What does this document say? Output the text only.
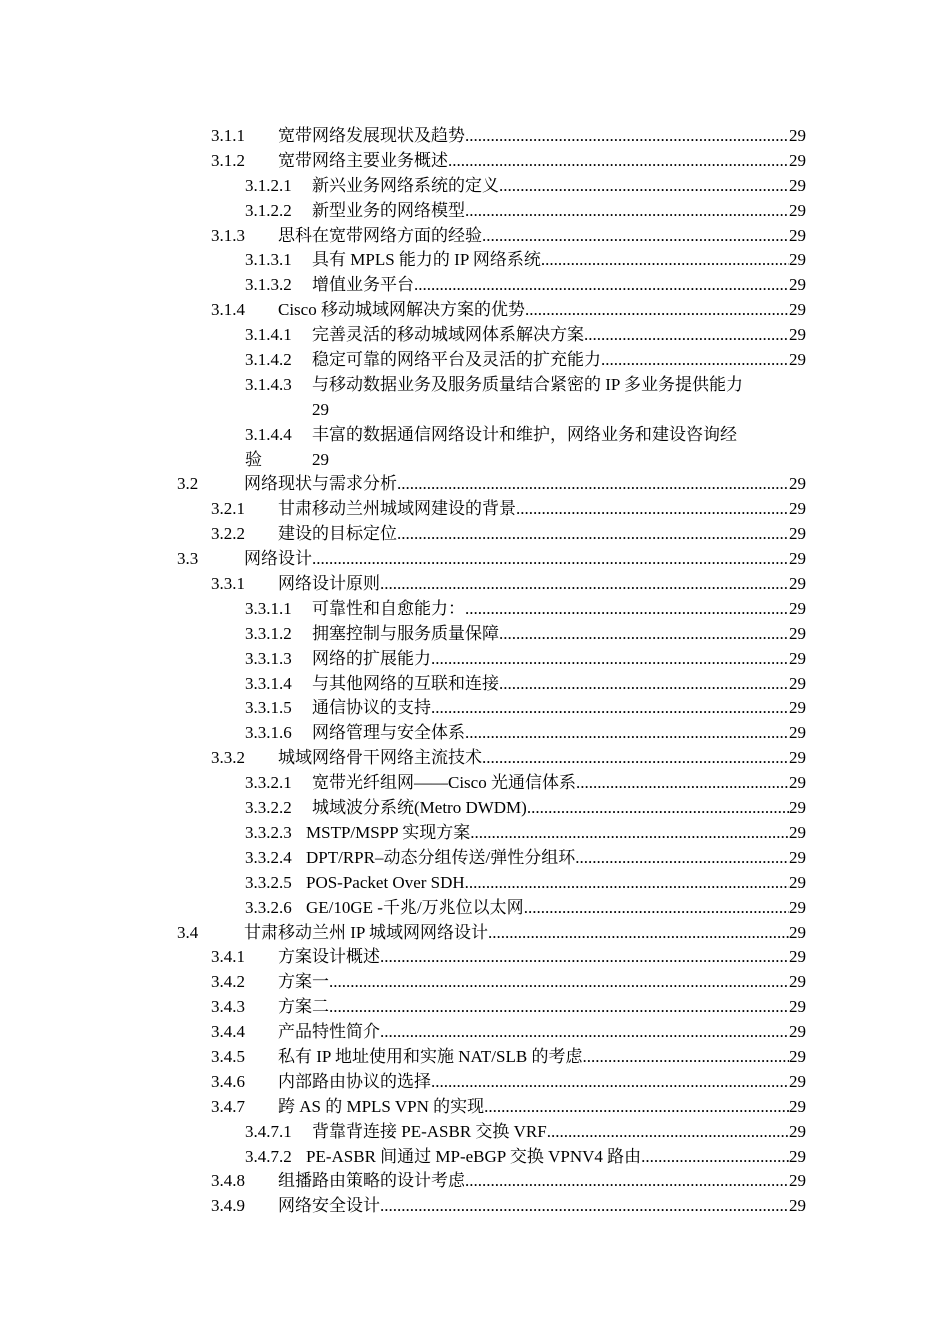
3.1.1 宽带网络发展现状及趋势 .....	29
3.1.2 宽带网络主要业务概述 .....	29
3.1.2.1 新兴业务网络系统的定义 .....	29
3.1.2.2 新型业务的网络模型 .....	29
3.1.3 思科在宽带网络方面的经验 .....	29
3.1.3.1 具有 MPLS 能力的 IP 网络系统 .....	29
3.1.3.2 增值业务平台 .....	29
3.1.4 Cisco 移动城域网解决方案的优势 .....	29
3.1.4.1 完善灵活的移动城域网体系解决方案 .....	29
3.1.4.2 稳定可靠的网络平台及灵活的扩充能力 .....	29
3.1.4.3 与移动数据业务及服务质量结合紧密的 IP 多业务提供能力
29
3.1.4.4 丰富的数据通信网络设计和维护，网络业务和建设咨询经
验	29
3.2	网络现状与需求分析 .....	29
3.2.1 甘肃移动兰州城域网建设的背景 .....	29
3.2.2 建设的目标定位 .....	29
3.3	网络设计 .....	29
3.3.1 网络设计原则 .....	29
3.3.1.1 可靠性和自愈能力： .....	29
3.3.1.2 拥塞控制与服务质量保障 .....	29
3.3.1.3 网络的扩展能力 .....	29
3.3.1.4 与其他网络的互联和连接 .....	29
3.3.1.5 通信协议的支持 .....	29
3.3.1.6 网络管理与安全体系 .....	29
3.3.2 城域网络骨干网络主流技术 .....	29
3.3.2.1 宽带光纤组网——Cisco 光通信体系 .....	29
3.3.2.2 城域波分系统(Metro DWDM) .....	29
3.3.2.3 MSTP/MSPP 实现方案 .....	29
3.3.2.4 DPT/RPR–动态分组传送/弹性分组环 .....	29
3.3.2.5 POS-Packet Over SDH .....	29
3.3.2.6 GE/10GE -千兆/万兆位以太网 .....	29
3.4	甘肃移动兰州 IP 城域网网络设计 .....	29
3.4.1 方案设计概述 .....	29
3.4.2 方案一 .....	29
3.4.3 方案二 .....	29
3.4.4 产品特性简介 .....	29
3.4.5 私有 IP 地址使用和实施 NAT/SLB 的考虑 .....	29
3.4.6 内部路由协议的选择 .....	29
3.4.7 跨 AS 的 MPLS VPN 的实现 .....	29
3.4.7.1 背靠背连接 PE-ASBR 交换 VRF .....	29
3.4.7.2 PE-ASBR 间通过 MP-eBGP 交换 VPNV4 路由 .....	29
3.4.8 组播路由策略的设计考虑 .....	29
3.4.9 网络安全设计 .....	29
